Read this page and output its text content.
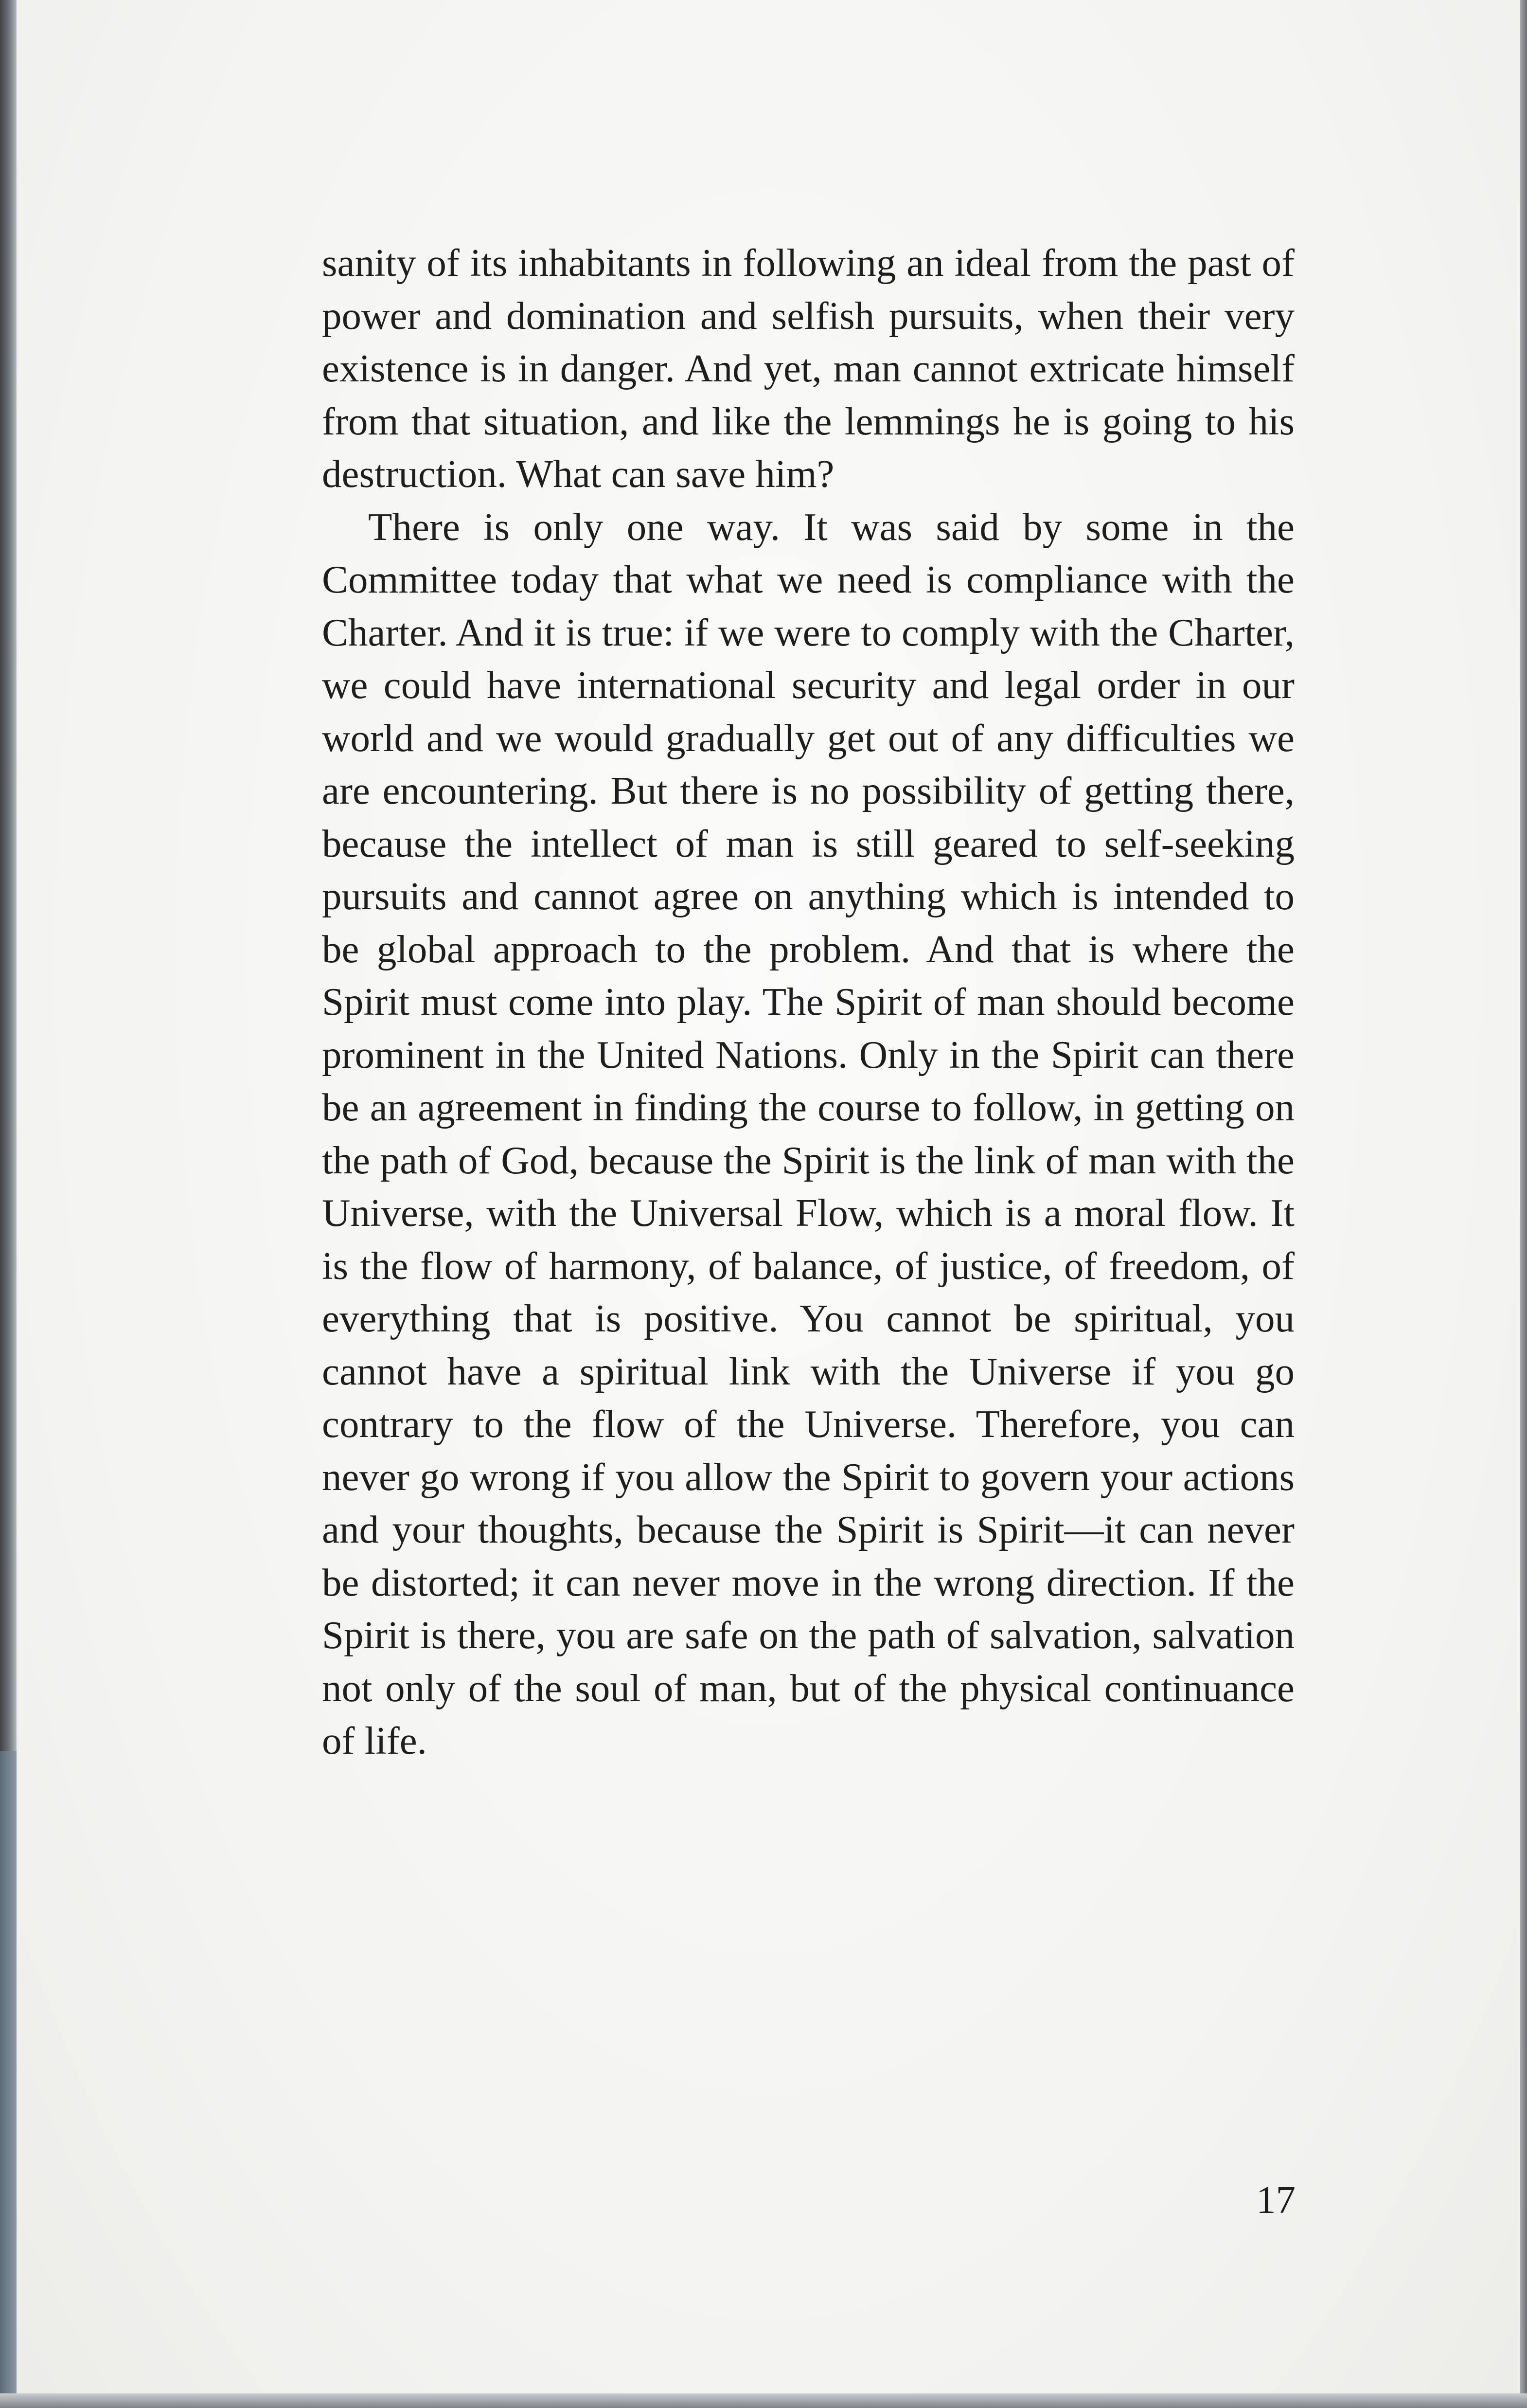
sanity of its inhabitants in following an ideal from the past of power and domination and selfish pursuits, when their very existence is in danger. And yet, man cannot extricate himself from that situation, and like the lemmings he is going to his destruction. What can save him?

There is only one way. It was said by some in the Committee today that what we need is compliance with the Charter. And it is true: if we were to comply with the Charter, we could have international security and legal order in our world and we would gradually get out of any difficulties we are encountering. But there is no possibility of getting there, because the intellect of man is still geared to self-seeking pursuits and cannot agree on anything which is intended to be global approach to the problem. And that is where the Spirit must come into play. The Spirit of man should become prominent in the United Nations. Only in the Spirit can there be an agreement in finding the course to follow, in getting on the path of God, because the Spirit is the link of man with the Universe, with the Universal Flow, which is a moral flow. It is the flow of harmony, of balance, of justice, of freedom, of everything that is positive. You cannot be spiritual, you cannot have a spiritual link with the Universe if you go contrary to the flow of the Universe. Therefore, you can never go wrong if you allow the Spirit to govern your actions and your thoughts, because the Spirit is Spirit—it can never be distorted; it can never move in the wrong direction. If the Spirit is there, you are safe on the path of salvation, salvation not only of the soul of man, but of the physical continuance of life.

17
